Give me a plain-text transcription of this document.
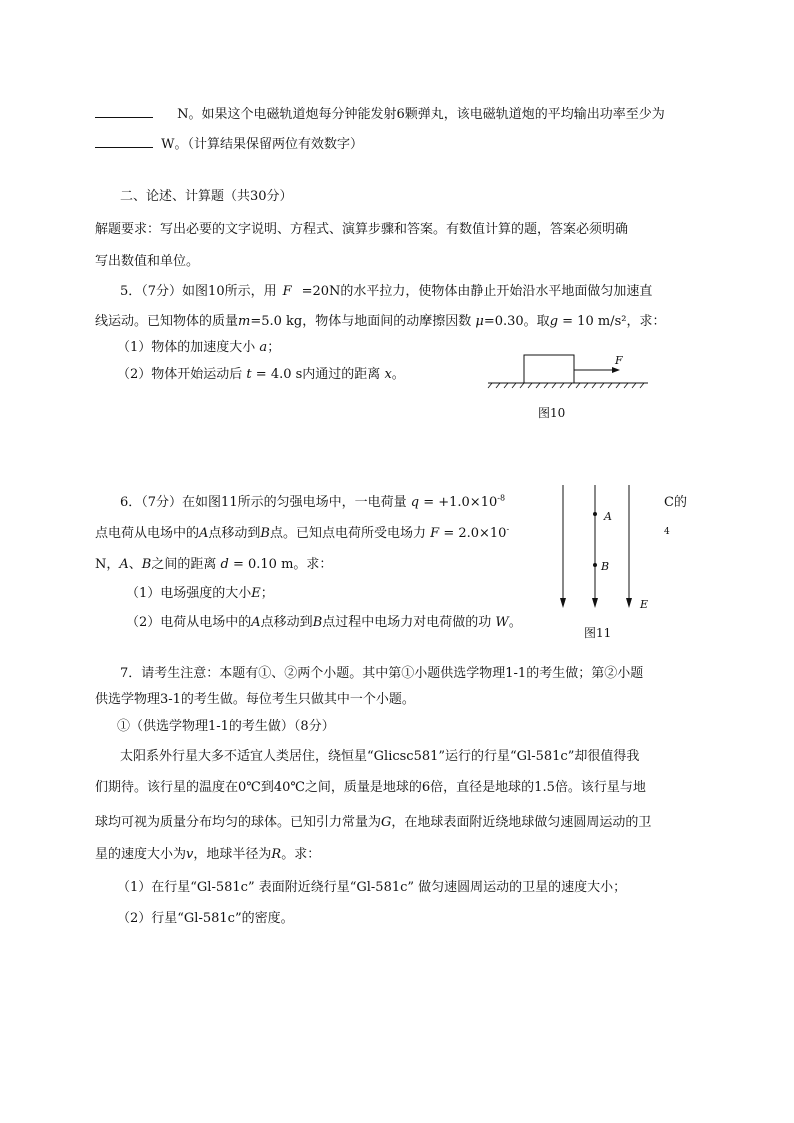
N。如果这个电磁轨道炮每分钟能发射6颗弹丸，该电磁轨道炮的平均输出功率至少为
W。（计算结果保留两位有效数字）
二、论述、计算题（共30分）
解题要求：写出必要的文字说明、方程式、演算步骤和答案。有数值计算的题，答案必须明确
写出数值和单位。
5．（7分）如图10所示，用 F =20N的水平拉力，使物体由静止开始沿水平地面做匀加速直
线运动。已知物体的质量m=5.0 kg，物体与地面间的动摩擦因数 μ=0.30。取g = 10 m/s²，求：
（1）物体的加速度大小 a；
（2）物体开始运动后 t = 4.0 s内通过的距离 x。
F
图10
6．（7分）在如图11所示的匀强电场中，一电荷量 $q = +1.0\times 10^{-8}$	C的
点电荷从电场中的A点移动到B点。已知点电荷所受电场力 F = 2.0×10-	4
N，A、B之间的距离 d = 0.10 m。求：
（1）电场强度的大小E；
（2）电荷从电场中的A点移动到B点过程中电场力对电荷做的功 W。
A
B
E
图11
7．请考生注意：本题有①、②两个小题。其中第①小题供选学物理1-1的考生做；第②小题
供选学物理3-1的考生做。每位考生只做其中一个小题。
①（供选学物理1-1的考生做）（8分）
太阳系外行星大多不适宜人类居住，绕恒星“Glicsc581”运行的行星“Gl-581c”却很值得我
们期待。该行星的温度在0℃到40℃之间，质量是地球的6倍，直径是地球的1.5倍。该行星与地
球均可视为质量分布均匀的球体。已知引力常量为G，在地球表面附近绕地球做匀速圆周运动的卫
星的速度大小为v，地球半径为R。求：
（1）在行星“Gl-581c” 表面附近绕行星“Gl-581c” 做匀速圆周运动的卫星的速度大小；
（2）行星“Gl-581c”的密度。
